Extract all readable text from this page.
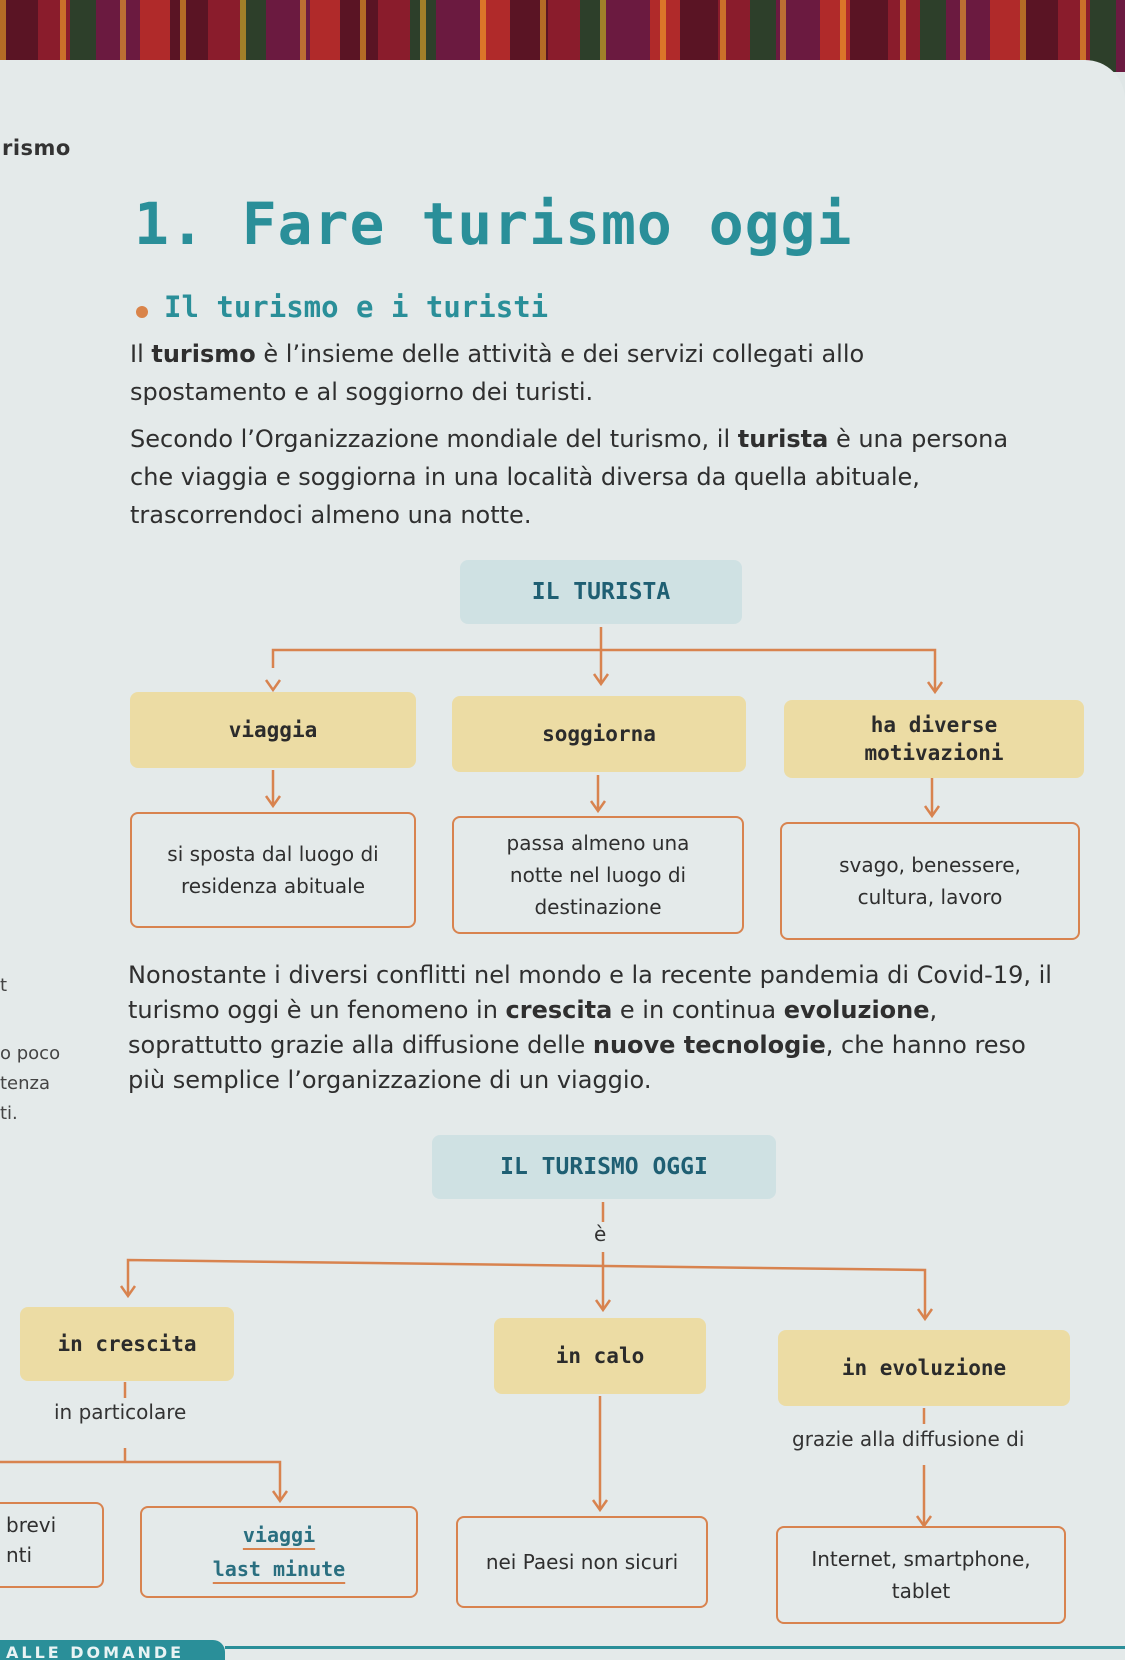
rismo
1. Fare turismo oggi
Il turismo e i turisti
Il turismo è l’insieme delle attività e dei servizi collegati allo spostamento e al soggiorno dei turisti.
Secondo l’Organizzazione mondiale del turismo, il turista è una persona che viaggia e soggiorna in una località diversa da quella abituale, trascorrendoci almeno una notte.
IL TURISTA
viaggia	soggiorna	ha diverse motivazioni
si sposta dal luogo di residenza abituale
passa almeno una notte nel luogo di destinazione
svago, benessere, cultura, lavoro
t
o poco
tenza
ti.
Nonostante i diversi conflitti nel mondo e la recente pandemia di Covid-19, il turismo oggi è un fenomeno in crescita e in continua evoluzione, soprattutto grazie alla diffusione delle nuove tecnologie, che hanno reso più semplice l’organizzazione di un viaggio.
IL TURISMO OGGI
è
in crescita	in calo	in evoluzione
in particolare
grazie alla diffusione di
brevi
nti
viaggi
last minute	nei Paesi non sicuri	Internet, smartphone, tablet
ALLE DOMANDE
